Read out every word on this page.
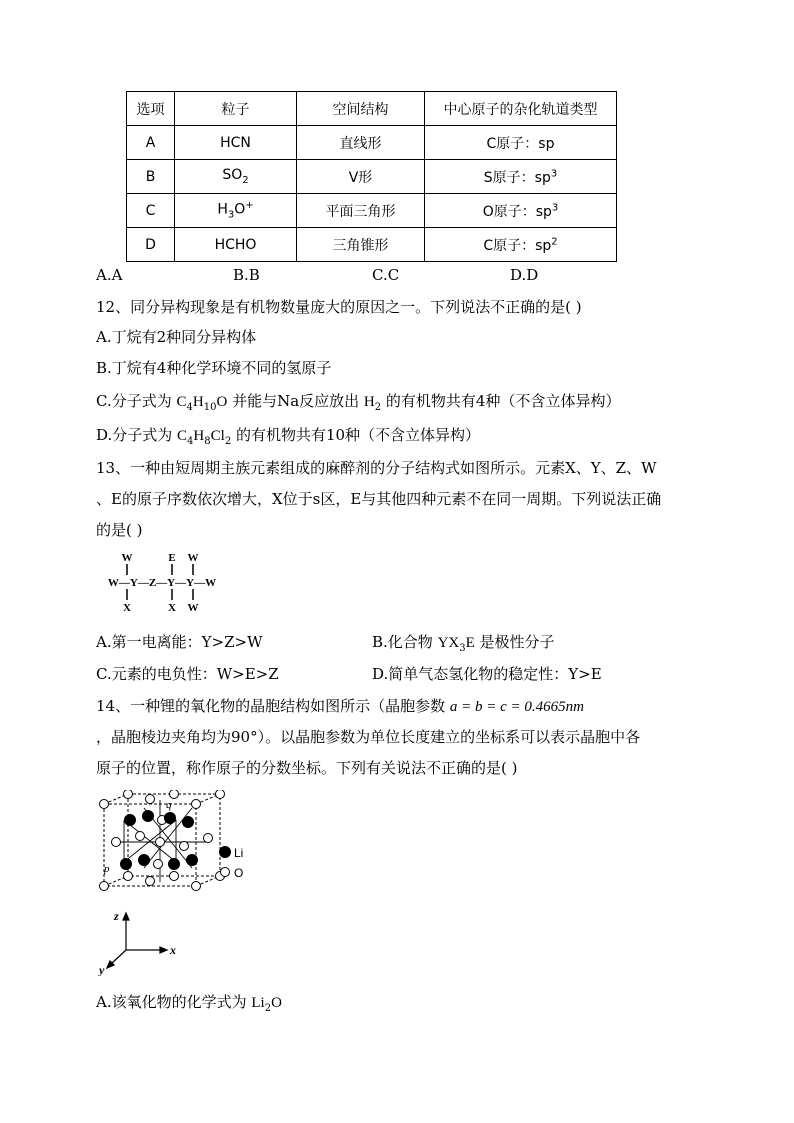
选项	粒子	空间结构	中心原子的杂化轨道类型
A	HCN	直线形	C原子：sp
B	$SO_2$	V形	S原子：$sp^3$
C	$H_3O^+$	平面三角形	O原子：$sp^3$
D	HCHO	三角锥形	C原子：$sp^2$
A.A	B.B	C.C	D.D
12、同分异构现象是有机物数量庞大的原因之一。下列说法不正确的是( )
A.丁烷有2种同分异构体
B.丁烷有4种化学环境不同的氢原子
C.分子式为 $C_4H_{10}O$ 并能与Na反应放出 $H_2$ 的有机物共有4种（不含立体异构）
D.分子式为 $C_4H_8Cl_2$ 的有机物共有10种（不含立体异构）
13、一种由短周期主族元素组成的麻醉剂的分子结构式如图所示。元素X、Y、Z、W
、E的原子序数依次增大，X位于s区，E与其他四种元素不在同一周期。下列说法正确
的是( )
W	E W
W—Y—Z—Y—Y—W
X	X W
A.第一电离能：Y>Z>W	B.化合物 $YX_3E$ 是极性分子
C.元素的电负性：W>E>Z	D.简单气态氢化物的稳定性：Y>E
14、一种锂的氧化物的晶胞结构如图所示（晶胞参数 a = b = c = 0.4665nm
，晶胞棱边夹角均为90°）。以晶胞参数为单位长度建立的坐标系可以表示晶胞中各
原子的位置，称作原子的分数坐标。下列有关说法不正确的是( )
q
p
Li
O
z
x
y
A.该氧化物的化学式为 $Li_2O$
